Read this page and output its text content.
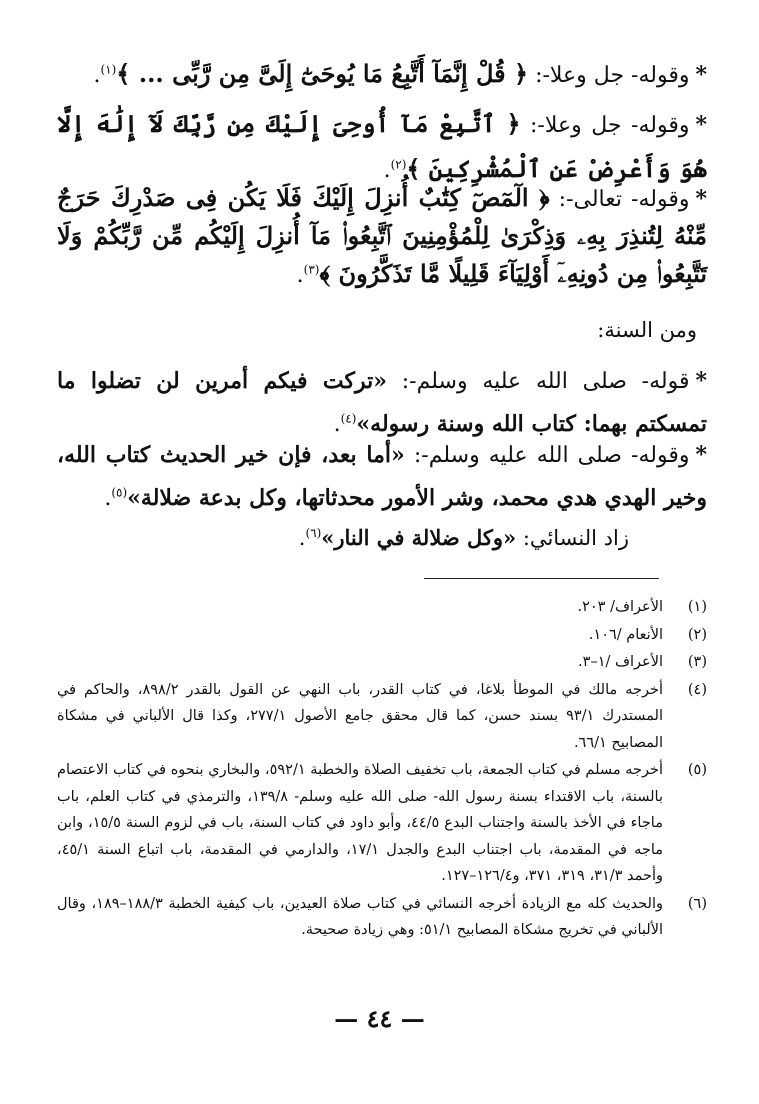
*وقوله- جل وعلا-: ﴿ قُلْ إِنَّمَآ أَتَّبِعُ مَا يُوحَىٰٓ إِلَىَّ مِن رَّبِّى ... ﴾$^{(١)}$.
*وقوله- جل وعلا-: ﴿ ٱتَّبِعْ مَآ أُوحِىَ إِلَيْكَ مِن رَّبِّكَ لَآ إِلَٰهَ إِلَّا هُوَ وَأَعْرِضْ عَنِ ٱلْمُشْرِكِينَ ﴾$^{(٢)}$.
*وقوله- تعالى-: ﴿ الٓمٓصٓ كِتَٰبٌ أُنزِلَ إِلَيْكَ فَلَا يَكُن فِى صَدْرِكَ حَرَجٌ مِّنْهُ لِتُنذِرَ بِهِۦ وَذِكْرَىٰ لِلْمُؤْمِنِينَ ٱتَّبِعُوا۟ مَآ أُنزِلَ إِلَيْكُم مِّن رَّبِّكُمْ وَلَا تَتَّبِعُوا۟ مِن دُونِهِۦٓ أَوْلِيَآءَ قَلِيلًا مَّا تَذَكَّرُونَ ﴾$^{(٣)}$.
ومن السنة:
*قوله- صلى الله عليه وسلم-: «تركت فيكم أمرين لن تضلوا ما تمسكتم بهما: كتاب الله وسنة رسوله»$^{(٤)}$.
*وقوله- صلى الله عليه وسلم-: «أما بعد، فإن خير الحديث كتاب الله، وخير الهدي هدي محمد، وشر الأمور محدثاتها، وكل بدعة ضلالة»$^{(٥)}$.
زاد النسائي: «وكل ضلالة في النار»$^{(٦)}$.
(١)
الأعراف/ ٢٠٣.
(٢)
الأنعام /١٠٦.
(٣)
الأعراف /١–٣.
(٤)
أخرجه مالك في الموطأ بلاغا، في كتاب القدر، باب النهي عن القول بالقدر ٨٩٨/٢، والحاكم في المستدرك ٩٣/١ بسند حسن، كما قال محقق جامع الأصول ٢٧٧/١، وكذا قال الألباني في مشكاة المصابيح ٦٦/١.
(٥)
أخرجه مسلم في كتاب الجمعة، باب تخفيف الصلاة والخطبة ٥٩٢/١، والبخاري بنحوه في كتاب الاعتصام بالسنة، باب الاقتداء بسنة رسول الله- صلى الله عليه وسلم- ١٣٩/٨، والترمذي في كتاب العلم، باب ماجاء في الأخذ بالسنة واجتناب البدع ٤٤/٥، وأبو داود في كتاب السنة، باب في لزوم السنة ١٥/٥، وابن ماجه في المقدمة، باب اجتناب البدع والجدل ١٧/١، والدارمي في المقدمة، باب اتباع السنة ٤٥/١، وأحمد ٣١/٣، ٣١٩، ٣٧١، و١٢٦/٤–١٢٧.
(٦)
والحديث كله مع الزيادة أخرجه النسائي في كتاب صلاة العيدين، باب كيفية الخطبة ١٨٨/٣–١٨٩، وقال الألباني في تخريج مشكاة المصابيح ٥١/١: وهي زيادة صحيحة.
— ٤٤ —
